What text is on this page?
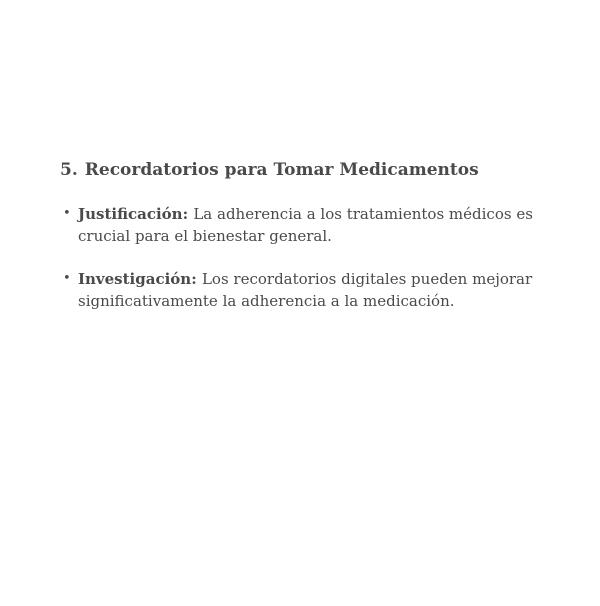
5. Recordatorios para Tomar Medicamentos
• Justificación: La adherencia a los tratamientos médicos es crucial para el bienestar general.
• Investigación: Los recordatorios digitales pueden mejorar significativamente la adherencia a la medicación.
